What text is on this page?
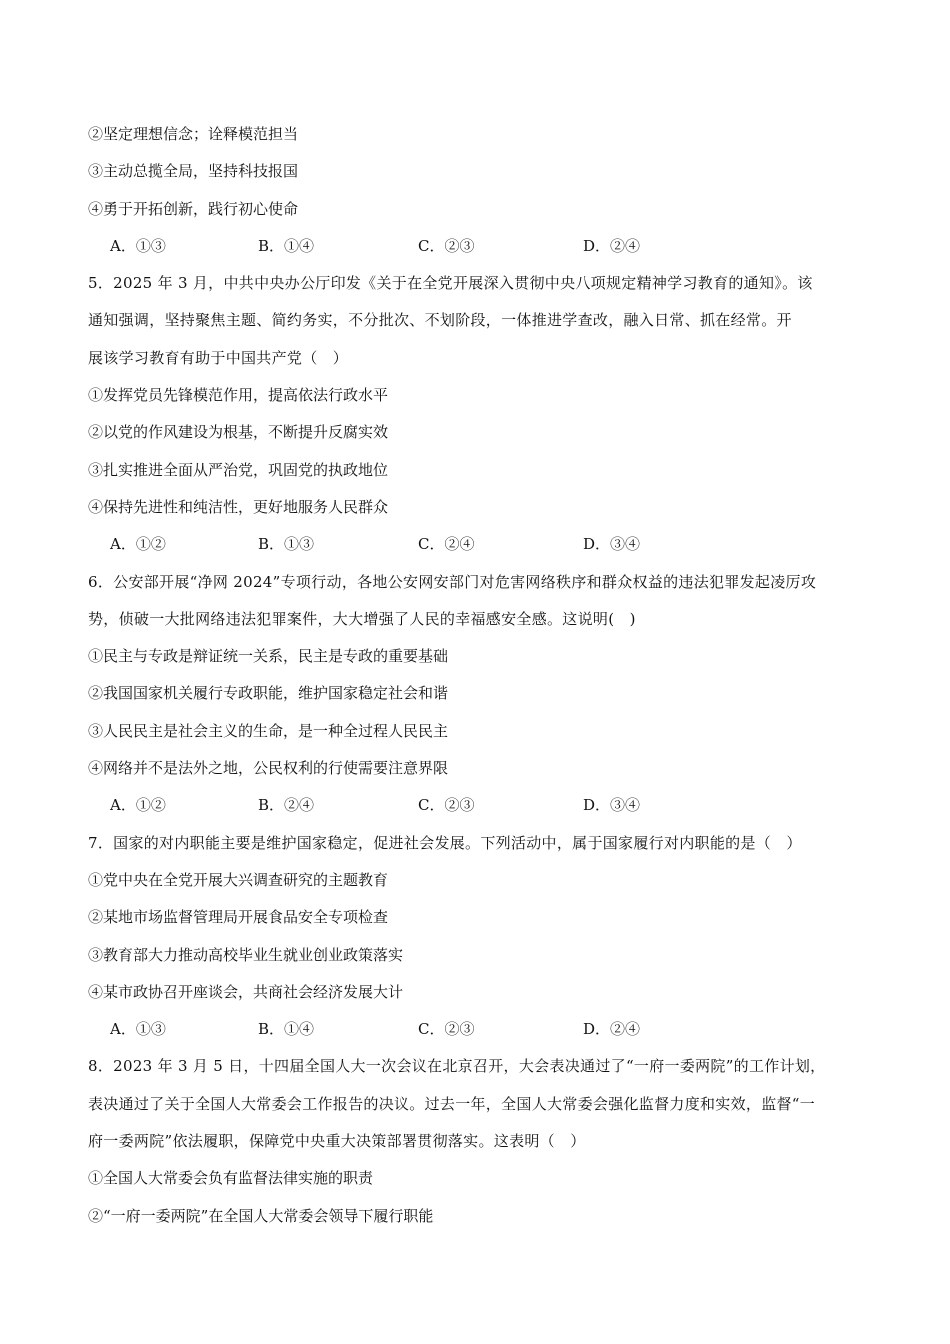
②坚定理想信念；诠释模范担当
③主动总揽全局，坚持科技报国
④勇于开拓创新，践行初心使命
A．①③	B．①④	C．②③	D．②④
5．2025 年 3 月，中共中央办公厅印发《关于在全党开展深入贯彻中央八项规定精神学习教育的通知》。该
通知强调，坚持聚焦主题、简约务实，不分批次、不划阶段，一体推进学查改，融入日常、抓在经常。开
展该学习教育有助于中国共产党（　）
①发挥党员先锋模范作用，提高依法行政水平
②以党的作风建设为根基，不断提升反腐实效
③扎实推进全面从严治党，巩固党的执政地位
④保持先进性和纯洁性，更好地服务人民群众
A．①②	B．①③	C．②④	D．③④
6．公安部开展“净网 2024”专项行动，各地公安网安部门对危害网络秩序和群众权益的违法犯罪发起凌厉攻
势，侦破一大批网络违法犯罪案件，大大增强了人民的幸福感安全感。这说明(　)
①民主与专政是辩证统一关系，民主是专政的重要基础
②我国国家机关履行专政职能，维护国家稳定社会和谐
③人民民主是社会主义的生命，是一种全过程人民民主
④网络并不是法外之地，公民权利的行使需要注意界限
A．①②	B．②④	C．②③	D．③④
7．国家的对内职能主要是维护国家稳定，促进社会发展。下列活动中，属于国家履行对内职能的是（　）
①党中央在全党开展大兴调查研究的主题教育
②某地市场监督管理局开展食品安全专项检查
③教育部大力推动高校毕业生就业创业政策落实
④某市政协召开座谈会，共商社会经济发展大计
A．①③	B．①④	C．②③	D．②④
8．2023 年 3 月 5 日，十四届全国人大一次会议在北京召开，大会表决通过了“一府一委两院”的工作计划，
表决通过了关于全国人大常委会工作报告的决议。过去一年，全国人大常委会强化监督力度和实效，监督“一
府一委两院”依法履职，保障党中央重大决策部署贯彻落实。这表明（　）
①全国人大常委会负有监督法律实施的职责
②“一府一委两院”在全国人大常委会领导下履行职能
